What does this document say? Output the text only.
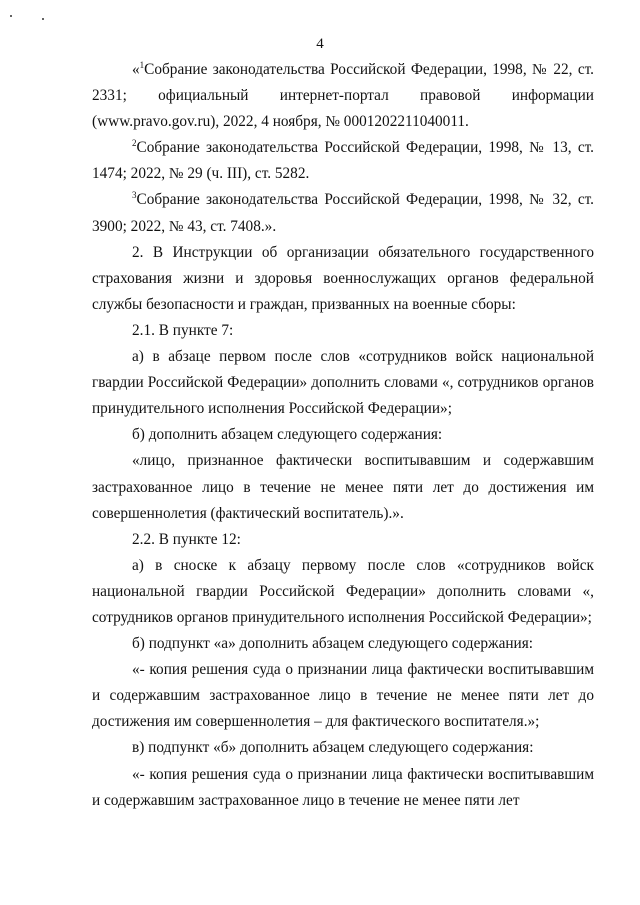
4

«$^1$Собрание законодательства Российской Федерации, 1998, № 22, ст. 2331; официальный интернет-портал правовой информации (www.pravo.gov.ru), 2022, 4 ноября, № 0001202211040011.

$^2$Собрание законодательства Российской Федерации, 1998, № 13, ст. 1474; 2022, № 29 (ч. III), ст. 5282.

$^3$Собрание законодательства Российской Федерации, 1998, № 32, ст. 3900; 2022, № 43, ст. 7408.».

2. В Инструкции об организации обязательного государственного страхования жизни и здоровья военнослужащих органов федеральной службы безопасности и граждан, призванных на военные сборы:

2.1. В пункте 7:

а) в абзаце первом после слов «сотрудников войск национальной гвардии Российской Федерации» дополнить словами «, сотрудников органов принудительного исполнения Российской Федерации»;

б) дополнить абзацем следующего содержания:

«лицо, признанное фактически воспитывавшим и содержавшим застрахованное лицо в течение не менее пяти лет до достижения им совершеннолетия (фактический воспитатель).».

2.2. В пункте 12:

а) в сноске к абзацу первому после слов «сотрудников войск национальной гвардии Российской Федерации» дополнить словами «, сотрудников органов принудительного исполнения Российской Федерации»;

б) подпункт «а» дополнить абзацем следующего содержания:

«- копия решения суда о признании лица фактически воспитывавшим и содержавшим застрахованное лицо в течение не менее пяти лет до достижения им совершеннолетия – для фактического воспитателя.»;

в) подпункт «б» дополнить абзацем следующего содержания:

«- копия решения суда о признании лица фактически воспитывавшим и содержавшим застрахованное лицо в течение не менее пяти лет
